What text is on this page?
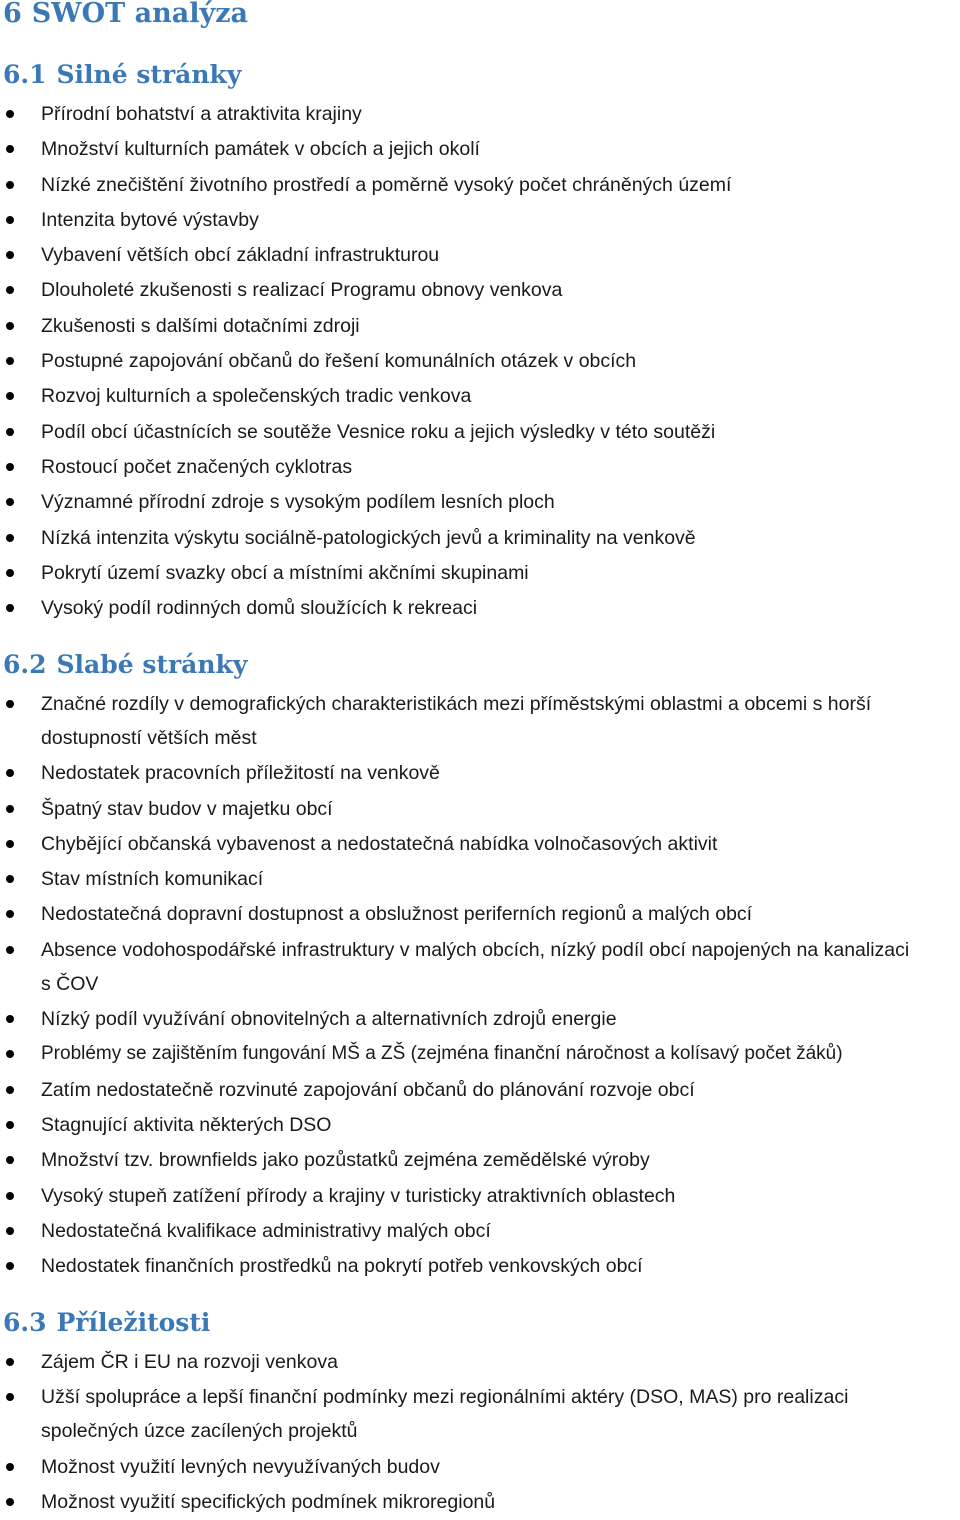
6 SWOT analýza
6.1 Silné stránky
Přírodní bohatství a atraktivita krajiny
Množství kulturních památek v obcích a jejich okolí
Nízké znečištění životního prostředí a poměrně vysoký počet chráněných území
Intenzita bytové výstavby
Vybavení větších obcí základní infrastrukturou
Dlouholeté zkušenosti s realizací Programu obnovy venkova
Zkušenosti s dalšími dotačními zdroji
Postupné zapojování občanů do řešení komunálních otázek v obcích
Rozvoj kulturních a společenských tradic venkova
Podíl obcí účastnících se soutěže Vesnice roku a jejich výsledky v této soutěži
Rostoucí počet značených cyklotras
Významné přírodní zdroje s vysokým podílem lesních ploch
Nízká intenzita výskytu sociálně-patologických jevů a kriminality na venkově
Pokrytí území svazky obcí a místními akčními skupinami
Vysoký podíl rodinných domů sloužících k rekreaci
6.2 Slabé stránky
Značné rozdíly v demografických charakteristikách mezi příměstskými oblastmi a obcemi s horší dostupností větších měst
Nedostatek pracovních příležitostí na venkově
Špatný stav budov v majetku obcí
Chybějící občanská vybavenost a nedostatečná nabídka volnočasových aktivit
Stav místních komunikací
Nedostatečná dopravní dostupnost a obslužnost periferních regionů a malých obcí
Absence vodohospodářské infrastruktury v malých obcích, nízký podíl obcí napojených na kanalizaci s ČOV
Nízký podíl využívání obnovitelných a alternativních zdrojů energie
Problémy se zajištěním fungování MŠ a ZŠ (zejména finanční náročnost a kolísavý počet žáků)
Zatím nedostatečně rozvinuté zapojování občanů do plánování rozvoje obcí
Stagnující aktivita některých DSO
Množství tzv. brownfields jako pozůstatků zejména zemědělské výroby
Vysoký stupeň zatížení přírody a krajiny v turisticky atraktivních oblastech
Nedostatečná kvalifikace administrativy malých obcí
Nedostatek finančních prostředků na pokrytí potřeb venkovských obcí
6.3 Příležitosti
Zájem ČR i EU na rozvoji venkova
Užší spolupráce a lepší finanční podmínky mezi regionálními aktéry (DSO, MAS) pro realizaci společných úzce zacílených projektů
Možnost využití levných nevyužívaných budov
Možnost využití specifických podmínek mikroregionů
